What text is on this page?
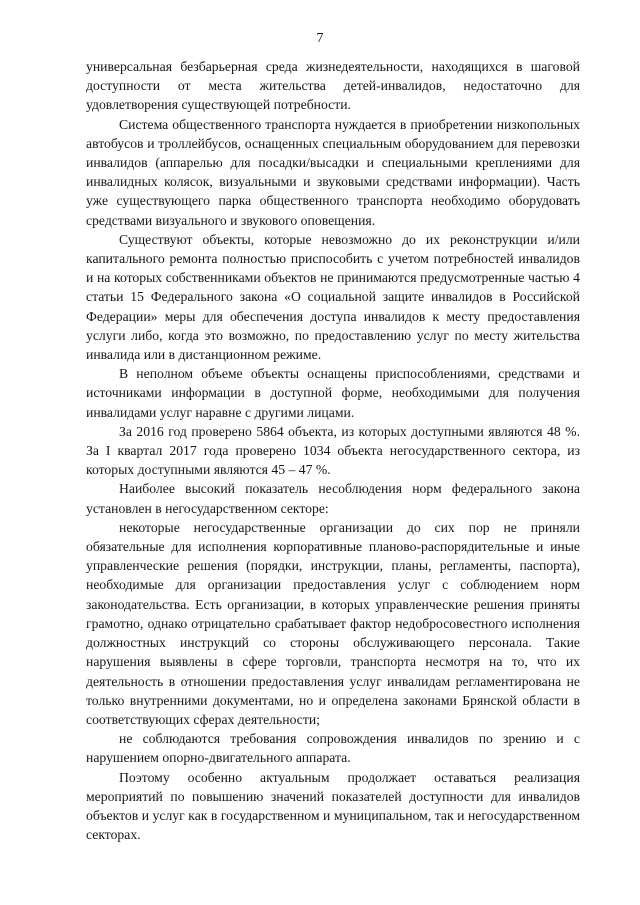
7

универсальная безбарьерная среда жизнедеятельности, находящихся в шаговой доступности от места жительства детей-инвалидов, недостаточно для удовлетворения существующей потребности.

Система общественного транспорта нуждается в приобретении низкопольных автобусов и троллейбусов, оснащенных специальным оборудованием для перевозки инвалидов (аппарелью для посадки/высадки и специальными креплениями для инвалидных колясок, визуальными и звуковыми средствами информации). Часть уже существующего парка общественного транспорта необходимо оборудовать средствами визуального и звукового оповещения.

Существуют объекты, которые невозможно до их реконструкции и/или капитального ремонта полностью приспособить с учетом потребностей инвалидов и на которых собственниками объектов не принимаются предусмотренные частью 4 статьи 15 Федерального закона «О социальной защите инвалидов в Российской Федерации» меры для обеспечения доступа инвалидов к месту предоставления услуги либо, когда это возможно, по предоставлению услуг по месту жительства инвалида или в дистанционном режиме.

В неполном объеме объекты оснащены приспособлениями, средствами и источниками информации в доступной форме, необходимыми для получения инвалидами услуг наравне с другими лицами.

За 2016 год проверено 5864 объекта, из которых доступными являются 48 %. За I квартал 2017 года проверено 1034 объекта негосударственного сектора, из которых доступными являются 45 – 47 %.

Наиболее высокий показатель несоблюдения норм федерального закона установлен в негосударственном секторе:

некоторые негосударственные организации до сих пор не приняли обязательные для исполнения корпоративные планово-распорядительные и иные управленческие решения (порядки, инструкции, планы, регламенты, паспорта), необходимые для организации предоставления услуг с соблюдением норм законодательства. Есть организации, в которых управленческие решения приняты грамотно, однако отрицательно срабатывает фактор недобросовестного исполнения должностных инструкций со стороны обслуживающего персонала. Такие нарушения выявлены в сфере торговли, транспорта несмотря на то, что их деятельность в отношении предоставления услуг инвалидам регламентирована не только внутренними документами, но и определена законами Брянской области в соответствующих сферах деятельности;

не соблюдаются требования сопровождения инвалидов по зрению и с нарушением опорно-двигательного аппарата.

Поэтому особенно актуальным продолжает оставаться реализация мероприятий по повышению значений показателей доступности для инвалидов объектов и услуг как в государственном и муниципальном, так и негосударственном секторах.
